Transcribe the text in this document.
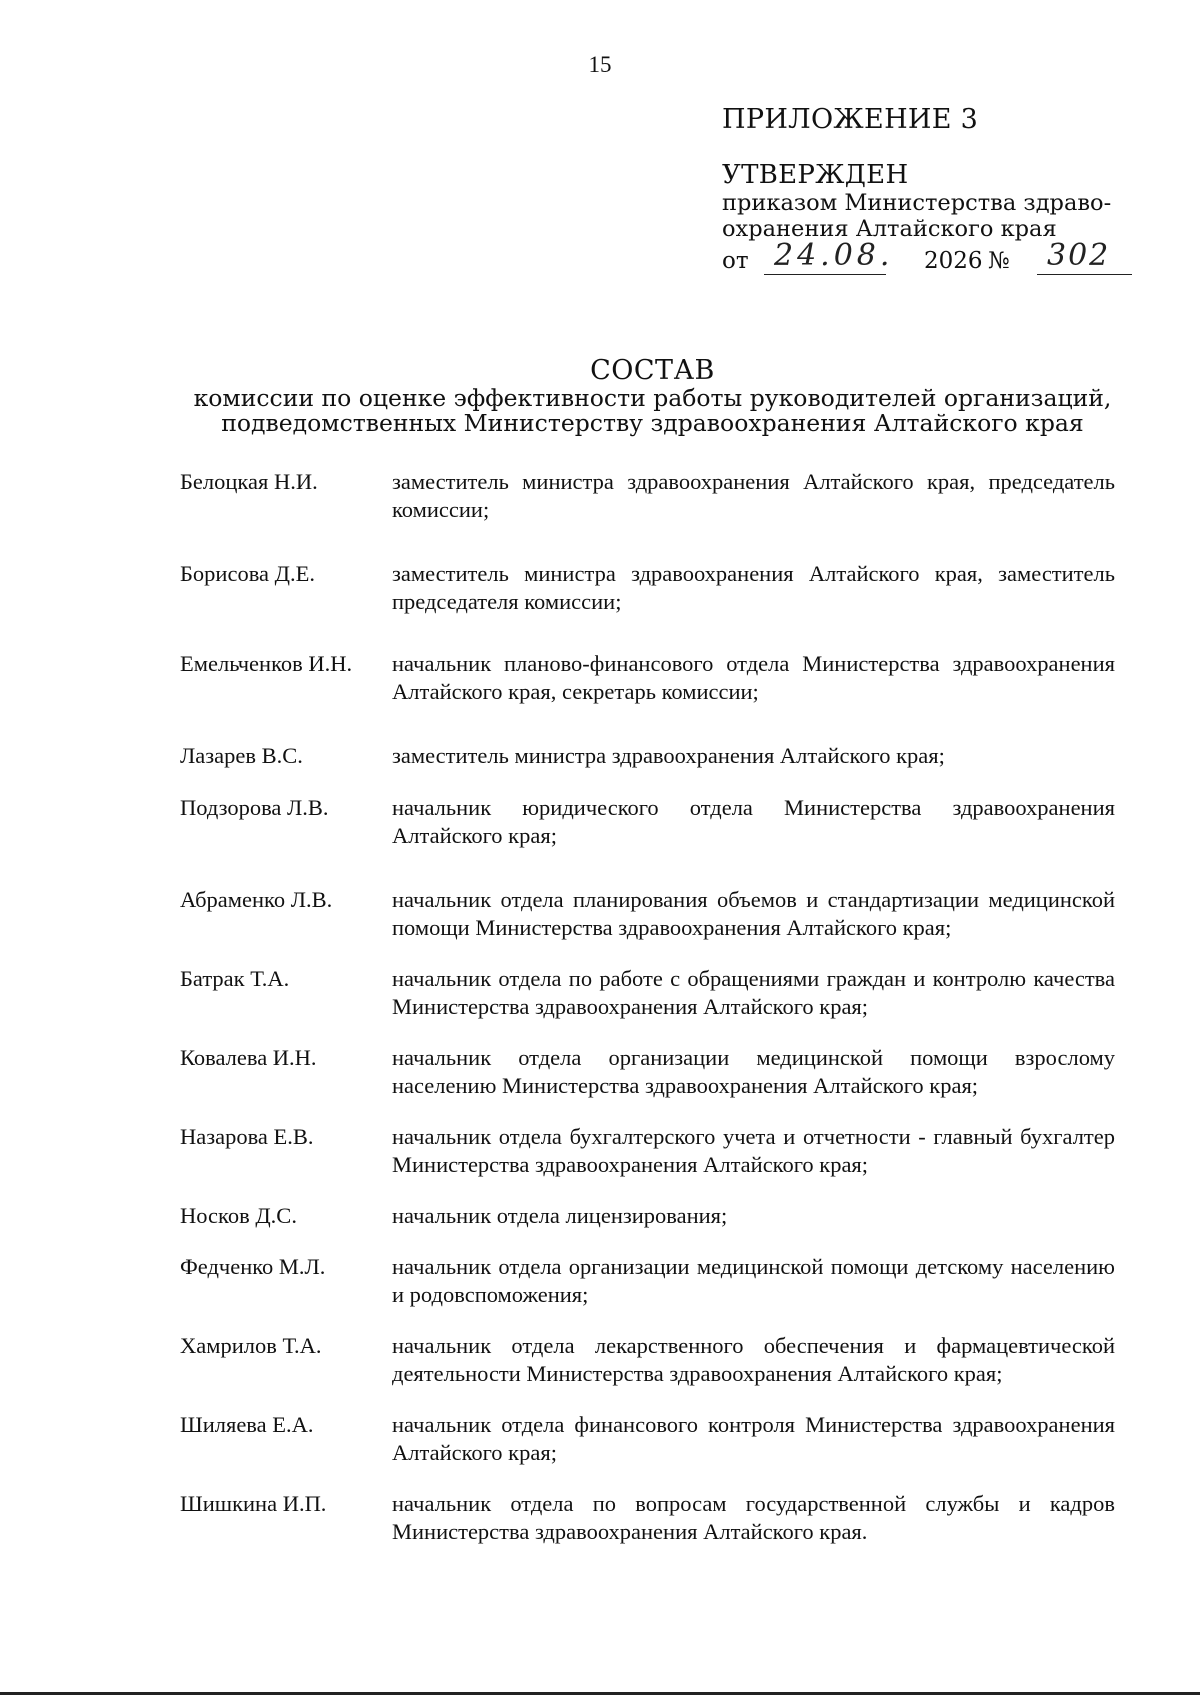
15
ПРИЛОЖЕНИЕ 3
УТВЕРЖДЕН
приказом Министерства здраво-
охранения Алтайского края
от 24.08. 2026 № 302
СОСТАВ
комиссии по оценке эффективности работы руководителей организаций,
подведомственных Министерству здравоохранения Алтайского края
Белоцкая Н.И.	заместитель министра здравоохранения Алтайского края, председатель комиссии;
Борисова Д.Е.	заместитель министра здравоохранения Алтайского края, заместитель председателя комиссии;
Емельченков И.Н.	начальник планово-финансового отдела Министерства здравоохранения Алтайского края, секретарь комиссии;
Лазарев В.С.	заместитель министра здравоохранения Алтайского края;
Подзорова Л.В.	начальник юридического отдела Министерства здравоохранения Алтайского края;
Абраменко Л.В.	начальник отдела планирования объемов и стандартизации медицинской помощи Министерства здравоохранения Алтайского края;
Батрак Т.А.	начальник отдела по работе с обращениями граждан и контролю качества Министерства здравоохранения Алтайского края;
Ковалева И.Н.	начальник отдела организации медицинской помощи взрослому населению Министерства здравоохранения Алтайского края;
Назарова Е.В.	начальник отдела бухгалтерского учета и отчетности - главный бухгалтер Министерства здравоохранения Алтайского края;
Носков Д.С.	начальник отдела лицензирования;
Федченко М.Л.	начальник отдела организации медицинской помощи детскому населению и родовспоможения;
Хамрилов Т.А.	начальник отдела лекарственного обеспечения и фармацевтической деятельности Министерства здравоохранения Алтайского края;
Шиляева Е.А.	начальник отдела финансового контроля Министерства здравоохранения Алтайского края;
Шишкина И.П.	начальник отдела по вопросам государственной службы и кадров Министерства здравоохранения Алтайского края.
